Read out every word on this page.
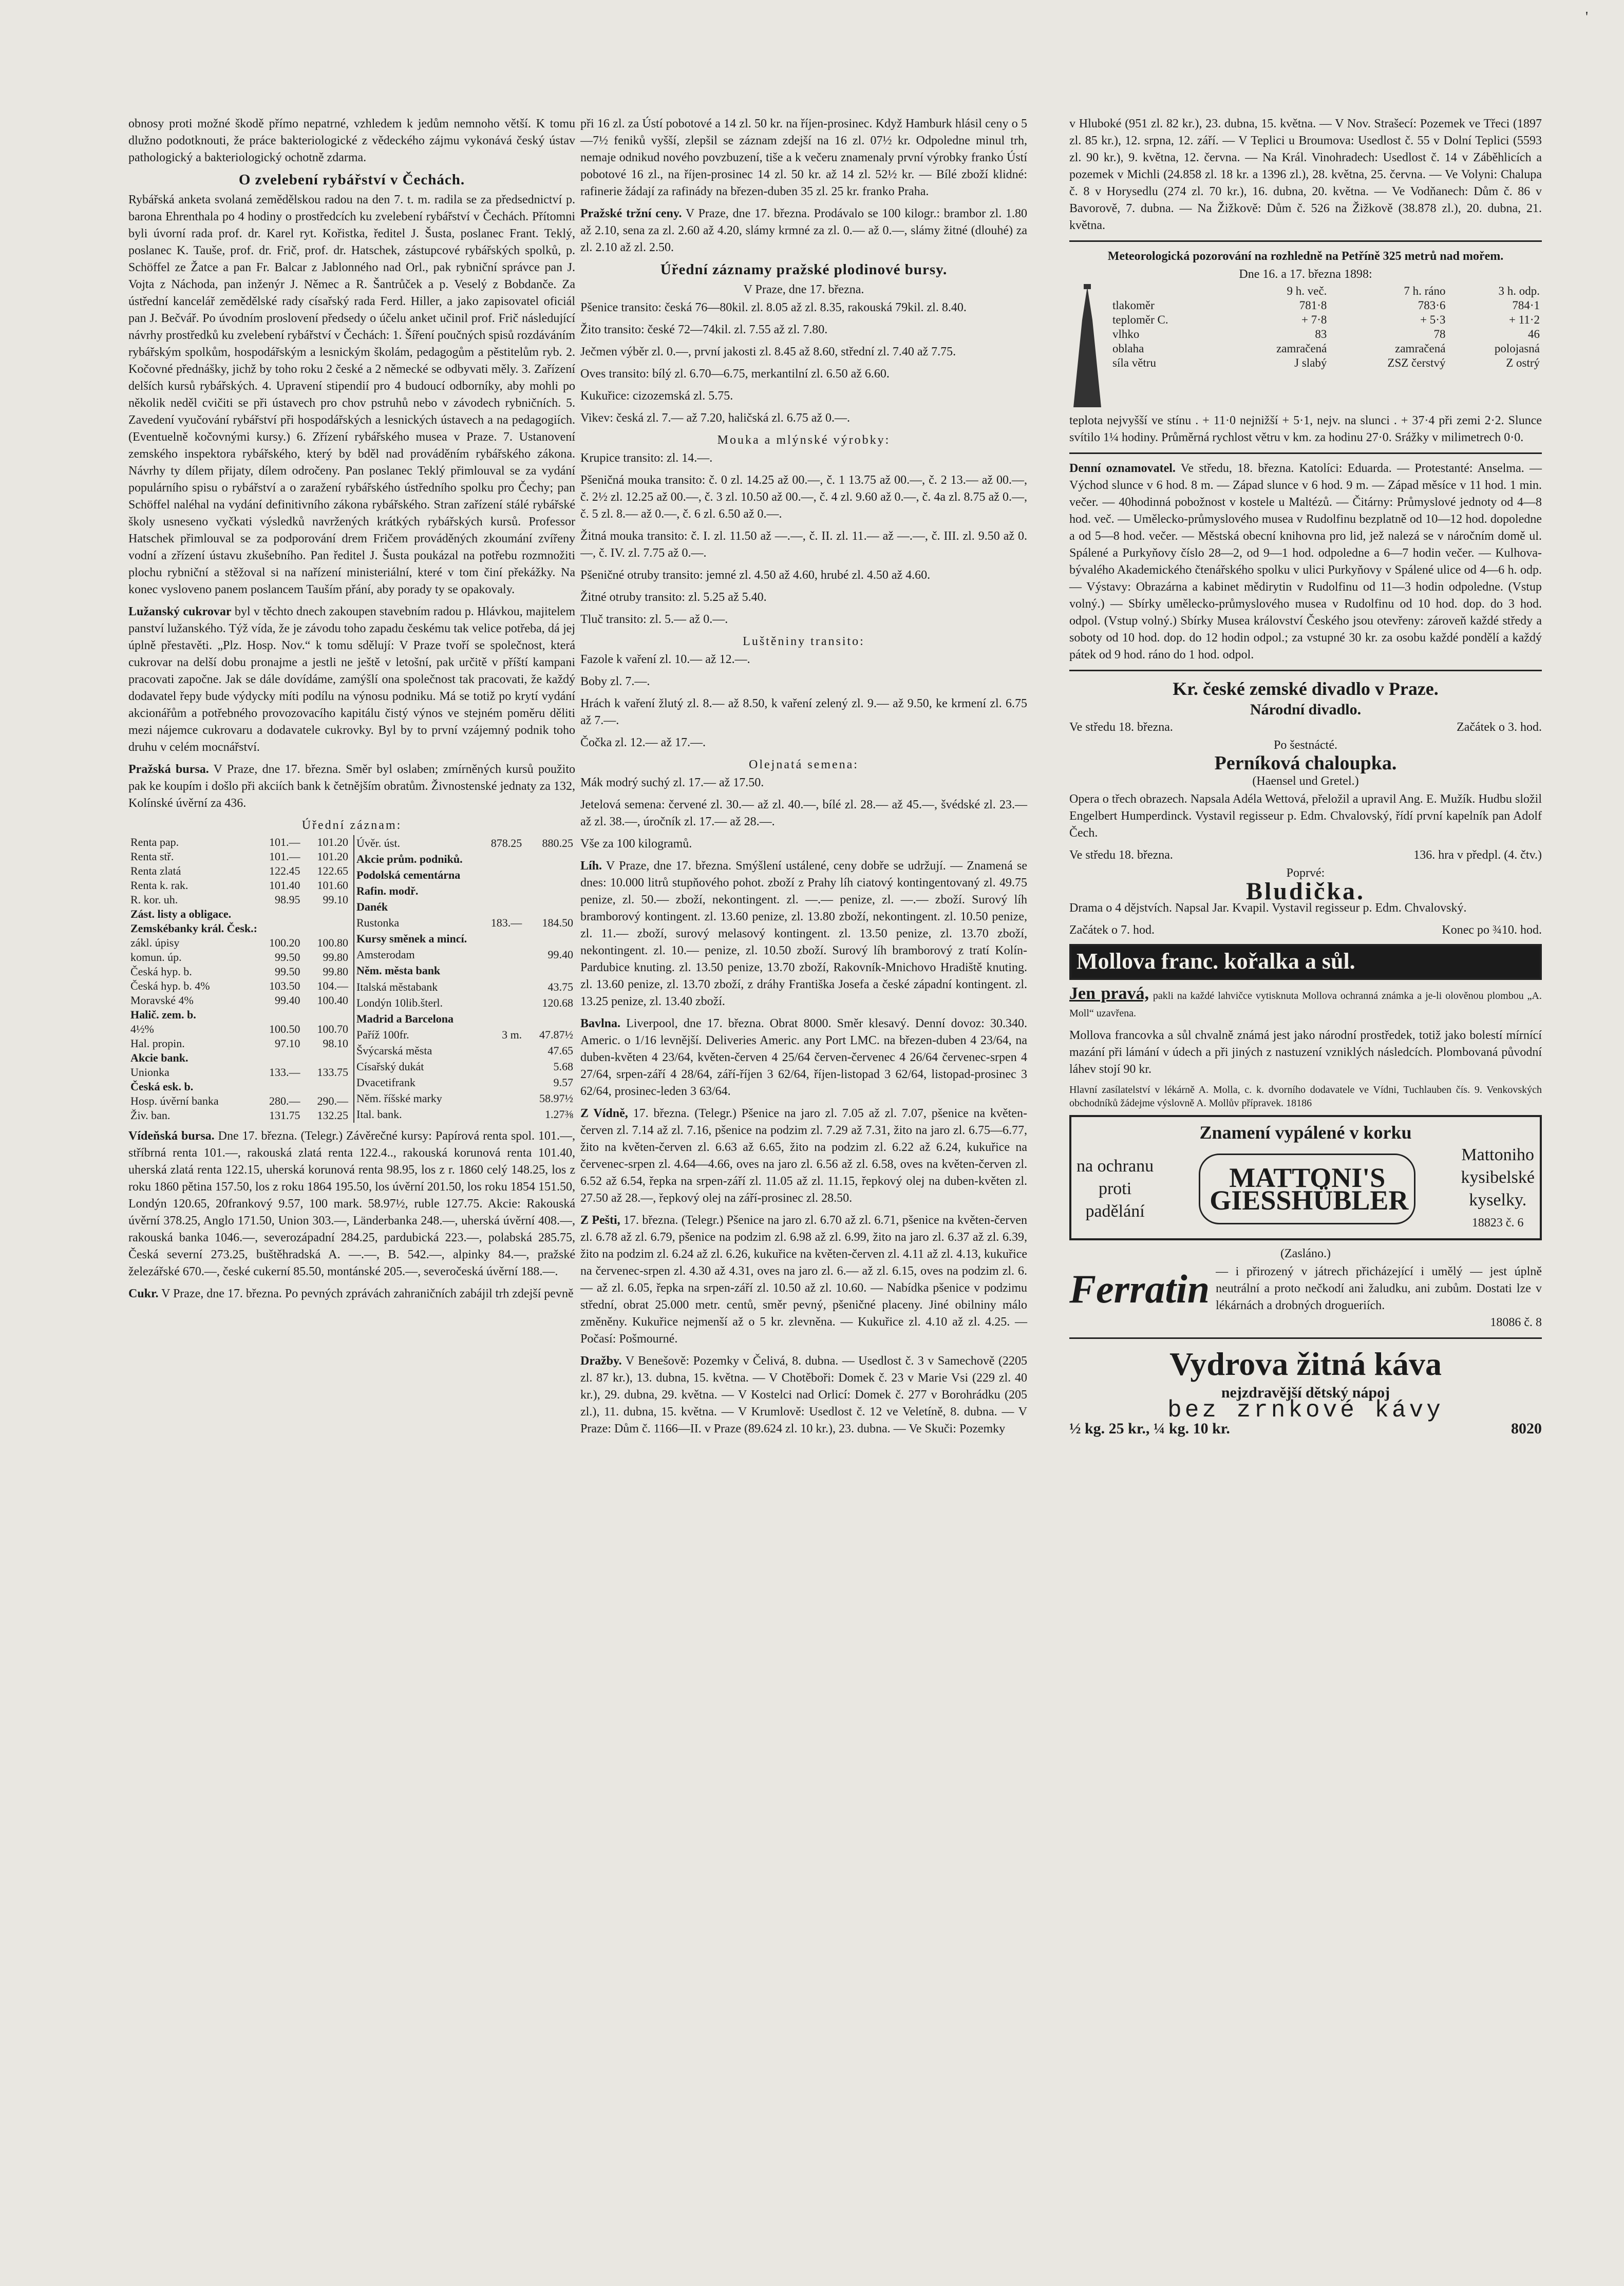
'

obnosy proti možné škodě přímo nepatrné, vzhledem k jedům nemnoho větší. K tomu dlužno podotknouti, že práce bakteriologické z vědeckého zájmu vykonává český ústav pathologický a bakteriologický ochotně zdarma.

O zvelebení rybářství v Čechách.

Rybářská anketa svolaná zemědělskou radou na den 7. t. m. radila se za předsednictví p. barona Ehrenthala po 4 hodiny o prostředcích ku zvelebení rybářství v Čechách. Přítomni byli úvorní rada prof. dr. Karel ryt. Kořistka, ředitel J. Šusta, poslanec Frant. Teklý, poslanec K. Tauše, prof. dr. Frič, prof. dr. Hatschek, zástupcové rybářských spolků, p. Schöffel ze Žatce a pan Fr. Balcar z Jablonného nad Orl., pak rybniční správce pan J. Vojta z Náchoda, pan inženýr J. Němec a R. Šantrůček a p. Veselý z Bobdanče. Za ústřední kancelář zemědělské rady císařský rada Ferd. Hiller, a jako zapisovatel oficiál pan J. Bečvář. Po úvodním proslovení předsedy o účelu anket učinil prof. Frič následující návrhy prostředků ku zvelebení rybářství v Čechách: 1. Šíření poučných spisů rozdáváním rybářským spolkům, hospodářským a lesnickým školám, pedagogům a pěstitelům ryb. 2. Kočovné přednášky, jichž by toho roku 2 české a 2 německé se odbyvati měly. 3. Zařízení delších kursů rybářských. 4. Upravení stipendií pro 4 budoucí odborníky, aby mohli po několik neděl cvičiti se při ústavech pro chov pstruhů nebo v závodech rybničních. 5. Zavedení vyučování rybářství při hospodářských a lesnických ústavech a na pedagogiích. (Eventuelně kočovnými kursy.) 6. Zřízení rybářského musea v Praze. 7. Ustanovení zemského inspektora rybářského, který by bděl nad prováděním rybářského zákona. Návrhy ty dílem přijaty, dílem odročeny. Pan poslanec Teklý přimlouval se za vydání populárního spisu o rybářství a o zaražení rybářského ústředního spolku pro Čechy; pan Schöffel naléhal na vydání definitivního zákona rybářského. Stran zařízení stálé rybářské školy usneseno vyčkati výsledků navržených krátkých rybářských kursů. Professor Hatschek přimlouval se za podporování drem Fričem prováděných zkoumání zvířeny vodní a zřízení ústavu zkušebního. Pan ředitel J. Šusta poukázal na potřebu rozmnožiti plochu rybniční a stěžoval si na nařízení ministeriální, které v tom činí překážky. Na konec vysloveno panem poslancem Tauším přání, aby porady ty se opakovaly.

Lužanský cukrovar byl v těchto dnech zakoupen stavebním radou p. Hlávkou, majitelem panství lužanského. Týž vída, že je závodu toho zapadu českému tak velice potřeba, dá jej úplně přestavěti. „Plz. Hosp. Nov.“ k tomu sdělují: V Praze tvoří se společnost, která cukrovar na delší dobu pronajme a jestli ne ještě v letošní, pak určitě v příští kampani pracovati započne. Jak se dále dovídáme, zamýšlí ona společnost tak pracovati, že každý dodavatel řepy bude výdycky míti podílu na výnosu podniku. Má se totiž po krytí vydání akcionářům a potřebného provozovacího kapitálu čistý výnos ve stejném poměru děliti mezi nájemce cukrovaru a dodavatele cukrovky. Byl by to první vzájemný podnik toho druhu v celém mocnářství.

Pražská bursa. V Praze, dne 17. března. Směr byl oslaben; zmírněných kursů použito pak ke koupím i došlo při akciích bank k četnějším obratům. Živnostenské jednaty za 132, Kolínské úvěrní za 436.

Úřední záznam:
Renta pap.	101.—	101.20
Renta stř.	101.—	101.20
Renta zlatá	122.45	122.65
Renta k. rak.	101.40	101.60
R. kor. uh.	98.95	99.10
Zást. listy a obligace.		
Zemskébanky král. Česk.:		
zákl. úpisy	100.20	100.80
komun. úp.	99.50	99.80
Česká hyp. b.	99.50	99.80
Česká hyp. b. 4%	103.50	104.—
Moravské 4%	99.40	100.40
Halič. zem. b.		
4½%	100.50	100.70
Hal. propin.	97.10	98.10
Akcie bank.		
Unionka	133.—	133.75
Česká esk. b.		
Hosp. úvěrní banka	280.—	290.—
Živ. ban.	131.75	132.25
Úvěr. úst.	878.25	880.25
Akcie prům. podniků.		
Podolská cementárna		
Rafin. modř.		
Danék		
Rustonka	183.—	184.50
Kursy směnek a mincí.		
Amsterodam		99.40
Něm. města bank		
Italská městabank		43.75
Londýn 10lib.šterl.		120.68
Madrid a Barcelona		
Paříž 100fr.	3 m.	47.87½
Švýcarská města		47.65
Císařský dukát		5.68
Dvacetifrank		9.57
Něm. říšské marky		58.97½
Ital. bank.		1.27⅜

Vídeňská bursa. Dne 17. března. (Telegr.) Závěrečné kursy: Papírová renta spol. 101.—, stříbrná renta 101.—, rakouská zlatá renta 122.4.., rakouská korunová renta 101.40, uherská zlatá renta 122.15, uherská korunová renta 98.95, los z r. 1860 celý 148.25, los z roku 1860 pětina 157.50, los z roku 1864 195.50, los úvěrní 201.50, los roku 1854 151.50, Londýn 120.65, 20frankový 9.57, 100 mark. 58.97½, ruble 127.75. Akcie: Rakouská úvěrní 378.25, Anglo 171.50, Union 303.—, Länderbanka 248.—, uherská úvěrní 408.—, rakouská banka 1046.—, severozápadní 284.25, pardubická 223.—, polabská 285.75, Česká severní 273.25, buštěhradská A. —.—, B. 542.—, alpinky 84.—, pražské železářské 670.—, české cukerní 85.50, montánské 205.—, severočeská úvěrní 188.—.

Cukr. V Praze, dne 17. března. Po pevných zprávách zahraničních zabájil trh zdejší pevně

při 16 zl. za Ústí pobotové a 14 zl. 50 kr. na říjen-prosinec. Když Hamburk hlásil ceny o 5—7½ feniků vyšší, zlepšil se záznam zdejší na 16 zl. 07½ kr. Odpoledne minul trh, nemaje odnikud nového povzbuzení, tiše a k večeru znamenaly první výrobky franko Ústí pobotové 16 zl., na říjen-prosinec 14 zl. 50 kr. až 14 zl. 52½ kr. — Bílé zboží klidné: rafinerie žádají za rafinády na březen-duben 35 zl. 25 kr. franko Praha.

Pražské tržní ceny. V Praze, dne 17. března. Prodávalo se 100 kilogr.: brambor zl. 1.80 až 2.10, sena za zl. 2.60 až 4.20, slámy krmné za zl. 0.— až 0.—, slámy žitné (dlouhé) za zl. 2.10 až zl. 2.50.

Úřední záznamy pražské plodinové bursy.
V Praze, dne 17. března.

Pšenice transito: česká 76—80kil. zl. 8.05 až zl. 8.35, rakouská 79kil. zl. 8.40.

Žito transito: české 72—74kil. zl. 7.55 až zl. 7.80.

Ječmen výběr zl. 0.—, první jakosti zl. 8.45 až 8.60, střední zl. 7.40 až 7.75.

Oves transito: bílý zl. 6.70—6.75, merkantilní zl. 6.50 až 6.60.

Kukuřice: cizozemská zl. 5.75.

Vikev: česká zl. 7.— až 7.20, haličská zl. 6.75 až 0.—.

Mouka a mlýnské výrobky:

Krupice transito: zl. 14.—.

Pšeničná mouka transito: č. 0 zl. 14.25 až 00.—, č. 1 13.75 až 00.—, č. 2 13.— až 00.—, č. 2½ zl. 12.25 až 00.—, č. 3 zl. 10.50 až 00.—, č. 4 zl. 9.60 až 0.—, č. 4a zl. 8.75 až 0.—, č. 5 zl. 8.— až 0.—, č. 6 zl. 6.50 až 0.—.

Žitná mouka transito: č. I. zl. 11.50 až —.—, č. II. zl. 11.— až —.—, č. III. zl. 9.50 až 0.—, č. IV. zl. 7.75 až 0.—.

Pšeničné otruby transito: jemné zl. 4.50 až 4.60, hrubé zl. 4.50 až 4.60.

Žitné otruby transito: zl. 5.25 až 5.40.

Tluč transito: zl. 5.— až 0.—.

Luštěniny transito:

Fazole k vaření zl. 10.— až 12.—.

Boby zl. 7.—.

Hrách k vaření žlutý zl. 8.— až 8.50, k vaření zelený zl. 9.— až 9.50, ke krmení zl. 6.75 až 7.—.

Čočka zl. 12.— až 17.—.

Olejnatá semena:

Mák modrý suchý zl. 17.— až 17.50.

Jetelová semena: červené zl. 30.— až zl. 40.—, bílé zl. 28.— až 45.—, švédské zl. 23.— až zl. 38.—, úročník zl. 17.— až 28.—.

Vše za 100 kilogramů.

Líh. V Praze, dne 17. března. Smýšlení ustálené, ceny dobře se udržují. — Znamená se dnes: 10.000 litrů stupňového pohot. zboží z Prahy líh ciatový kontingentovaný zl. 49.75 penize, zl. 50.— zboží, nekontingent. zl. —.— penize, zl. —.— zboží. Surový líh bramborový kontingent. zl. 13.60 penize, zl. 13.80 zboží, nekontingent. zl. 10.50 penize, zl. 11.— zboží, surový melasový kontingent. zl. 13.50 penize, zl. 13.70 zboží, nekontingent. zl. 10.— penize, zl. 10.50 zboží. Surový líh bramborový z tratí Kolín-Pardubice knuting. zl. 13.50 penize, 13.70 zboží, Rakovník-Mnichovo Hradiště knuting. zl. 13.60 penize, zl. 13.70 zboží, z dráhy Františka Josefa a české západní kontingent. zl. 13.25 penize, zl. 13.40 zboží.

Bavlna. Liverpool, dne 17. března. Obrat 8000. Směr klesavý. Denní dovoz: 30.340. Americ. o 1/16 levnější. Deliveries Americ. any Port LMC. na březen-duben 4 23/64, na duben-květen 4 23/64, květen-červen 4 25/64 červen-červenec 4 26/64 červenec-srpen 4 27/64, srpen-září 4 28/64, září-říjen 3 62/64, říjen-listopad 3 62/64, listopad-prosinec 3 62/64, prosinec-leden 3 63/64.

Z Vídně, 17. března. (Telegr.) Pšenice na jaro zl. 7.05 až zl. 7.07, pšenice na květen-červen zl. 7.14 až zl. 7.16, pšenice na podzim zl. 7.29 až 7.31, žito na jaro zl. 6.75—6.77, žito na květen-červen zl. 6.63 až 6.65, žito na podzim zl. 6.22 až 6.24, kukuřice na červenec-srpen zl. 4.64—4.66, oves na jaro zl. 6.56 až zl. 6.58, oves na květen-červen zl. 6.52 až 6.54, řepka na srpen-září zl. 11.05 až zl. 11.15, řepkový olej na duben-květen zl. 27.50 až 28.—, řepkový olej na září-prosinec zl. 28.50.

Z Pešti, 17. března. (Telegr.) Pšenice na jaro zl. 6.70 až zl. 6.71, pšenice na květen-červen zl. 6.78 až zl. 6.79, pšenice na podzim zl. 6.98 až zl. 6.99, žito na jaro zl. 6.37 až zl. 6.39, žito na podzim zl. 6.24 až zl. 6.26, kukuřice na květen-červen zl. 4.11 až zl. 4.13, kukuřice na červenec-srpen zl. 4.30 až 4.31, oves na jaro zl. 6.— až zl. 6.15, oves na podzim zl. 6.— až zl. 6.05, řepka na srpen-září zl. 10.50 až zl. 10.60. — Nabídka pšenice v podzimu střední, obrat 25.000 metr. centů, směr pevný, pšeničné placeny. Jiné obilniny málo změněny. Kukuřice nejmenší až o 5 kr. zlevněna. — Kukuřice zl. 4.10 až zl. 4.25. — Počasí: Pošmourné.

Dražby. V Benešově: Pozemky v Čelivá, 8. dubna. — Usedlost č. 3 v Samechově (2205 zl. 87 kr.), 13. dubna, 15. května. — V Chotěboři: Domek č. 23 v Marie Vsi (229 zl. 40 kr.), 29. dubna, 29. května. — V Kostelci nad Orlicí: Domek č. 277 v Borohrádku (205 zl.), 11. dubna, 15. května. — V Krumlově: Usedlost č. 12 ve Veletíně, 8. dubna. — V Praze: Dům č. 1166—II. v Praze (89.624 zl. 10 kr.), 23. dubna. — Ve Skuči: Pozemky

v Hluboké (951 zl. 82 kr.), 23. dubna, 15. května. — V Nov. Strašecí: Pozemek ve Třeci (1897 zl. 85 kr.), 12. srpna, 12. září. — V Teplici u Broumova: Usedlost č. 55 v Dolní Teplici (5593 zl. 90 kr.), 9. května, 12. června. — Na Král. Vinohradech: Usedlost č. 14 v Záběhlicích a pozemek v Michli (24.858 zl. 18 kr. a 1396 zl.), 28. května, 25. června. — Ve Volyni: Chalupa č. 8 v Horysedlu (274 zl. 70 kr.), 16. dubna, 20. května. — Ve Vodňanech: Dům č. 86 v Bavorově, 7. dubna. — Na Žižkově: Dům č. 526 na Žižkově (38.878 zl.), 20. dubna, 21. května.

Meteorologická pozorování na rozhledně na Petříně 325 metrů nad mořem.
Dne 16. a 17. března 1898:
	9 h. več.	7 h. ráno	3 h. odp.
tlakoměr	781·8	783·6	784·1
teploměr C.	+ 7·8	+ 5·3	+ 11·2
vlhko	83	78	46
oblaha	zamračená	zamračená	polojasná
síla větru	J slabý	ZSZ čerstvý	Z ostrý

teplota nejvyšší ve stínu . + 11·0 nejnižší + 5·1, nejv. na slunci . + 37·4 při zemi 2·2. Slunce svítilo 1¼ hodiny. Průměrná rychlost větru v km. za hodinu 27·0. Srážky v milimetrech 0·0.

Denní oznamovatel. Ve středu, 18. března. Katolíci: Eduarda. — Protestanté: Anselma. — Východ slunce v 6 hod. 8 m. — Západ slunce v 6 hod. 9 m. — Západ měsíce v 11 hod. 1 min. večer. — 40hodinná pobožnost v kostele u Maltézů. — Čitárny: Průmyslové jednoty od 4—8 hod. več. — Umělecko-průmyslového musea v Rudolfinu bezplatně od 10—12 hod. dopoledne a od 5—8 hod. večer. — Městská obecní knihovna pro lid, jež nalezá se v náročním domě ul. Spálené a Purkyňovy číslo 28—2, od 9—1 hod. odpoledne a 6—7 hodin večer. — Kulhova-bývalého Akademického čtenářského spolku v ulici Purkyňovy v Spálené ulice od 4—6 h. odp. — Výstavy: Obrazárna a kabinet mědirytin v Rudolfinu od 11—3 hodin odpoledne. (Vstup volný.) — Sbírky umělecko-průmyslového musea v Rudolfinu od 10 hod. dop. do 3 hod. odpol. (Vstup volný.) Sbírky Musea království Českého jsou otevřeny: zároveň každé středy a soboty od 10 hod. dop. do 12 hodin odpol.; za vstupné 30 kr. za osobu každé pondělí a každý pátek od 9 hod. ráno do 1 hod. odpol.

Kr. české zemské divadlo v Praze.
Národní divadlo.
Ve středu 18. března.	Začátek o 3. hod.
Po šestnácté.
Perníková chaloupka.
(Haensel und Gretel.)

Opera o třech obrazech. Napsala Adéla Wettová, přeložil a upravil Ang. E. Mužík. Hudbu složil Engelbert Humperdinck. Vystavil regisseur p. Edm. Chvalovský, řídí první kapelník pan Adolf Čech.

Ve středu 18. března.	136. hra v předpl. (4. čtv.)
Poprvé:
Bludička.

Drama o 4 dějstvích. Napsal Jar. Kvapil. Vystavil regisseur p. Edm. Chvalovský.

Začátek o 7. hod.	Konec po ¾10. hod.
Mollova franc. kořalka a sůl.

Jen pravá, pakli na každé lahvičce vytisknuta Mollova ochranná známka a je-li olověnou plombou „A. Moll“ uzavřena.

Mollova francovka a sůl chvalně známá jest jako národní prostředek, totiž jako bolestí mírnící mazání při lámání v údech a při jiných z nastuzení vzniklých následcích. Plombovaná původní láhev stojí 90 kr.

Hlavní zasílatelství v lékárně A. Molla, c. k. dvorního dodavatele ve Vídni, Tuchlauben čís. 9. Venkovských obchodníků žádejme výslovně A. Mollův přípravek. 18186

Znamení vypálené v korku
na ochranu
proti
padělání
MATTONI'S
GIESSHÜBLER
Mattoniho
kysibelské
kyselky.
18823 č. 6
(Zasláno.)
Ferratin — i přirozený v játrech přicházející i umělý — jest úplně neutrální a proto nečkodí ani žaludku, ani zubům. Dostati lze v lékárnách a drobných drogueriích.
18086 č. 8
Vydrova žitná káva
nejzdravější dětský nápoj
bez zrnkové kávy
½ kg. 25 kr., ¼ kg. 10 kr.	8020
